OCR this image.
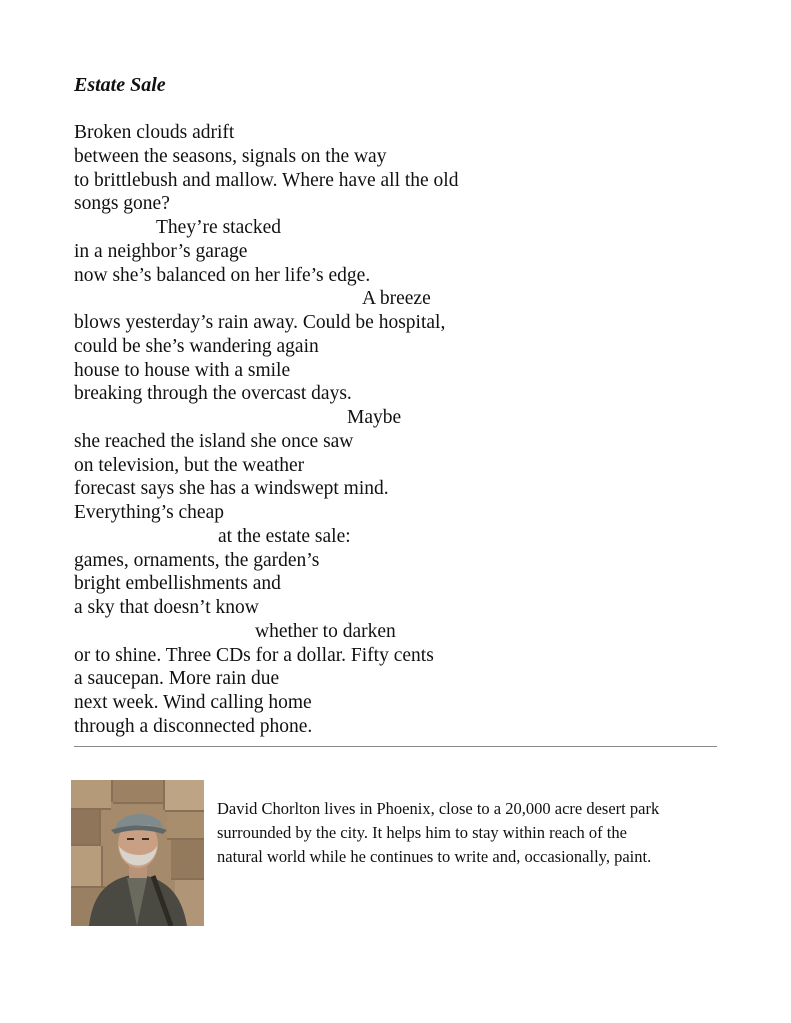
Estate Sale
Broken clouds adrift
between the seasons, signals on the way
to brittlebush and mallow. Where have all the old
songs gone?
They’re stacked
in a neighbor’s garage
now she’s balanced on her life’s edge.
A breeze
blows yesterday’s rain away. Could be hospital,
could be she’s wandering again
house to house with a smile
breaking through the overcast days.
Maybe
she reached the island she once saw
on television, but the weather
forecast says she has a windswept mind.
Everything’s cheap
at the estate sale:
games, ornaments, the garden’s
bright embellishments and
a sky that doesn’t know
whether to darken
or to shine. Three CDs for a dollar. Fifty cents
a saucepan. More rain due
next week. Wind calling home
through a disconnected phone.
David Chorlton lives in Phoenix, close to a 20,000 acre desert park
surrounded by the city. It helps him to stay within reach of the
natural world while he continues to write and, occasionally, paint.
